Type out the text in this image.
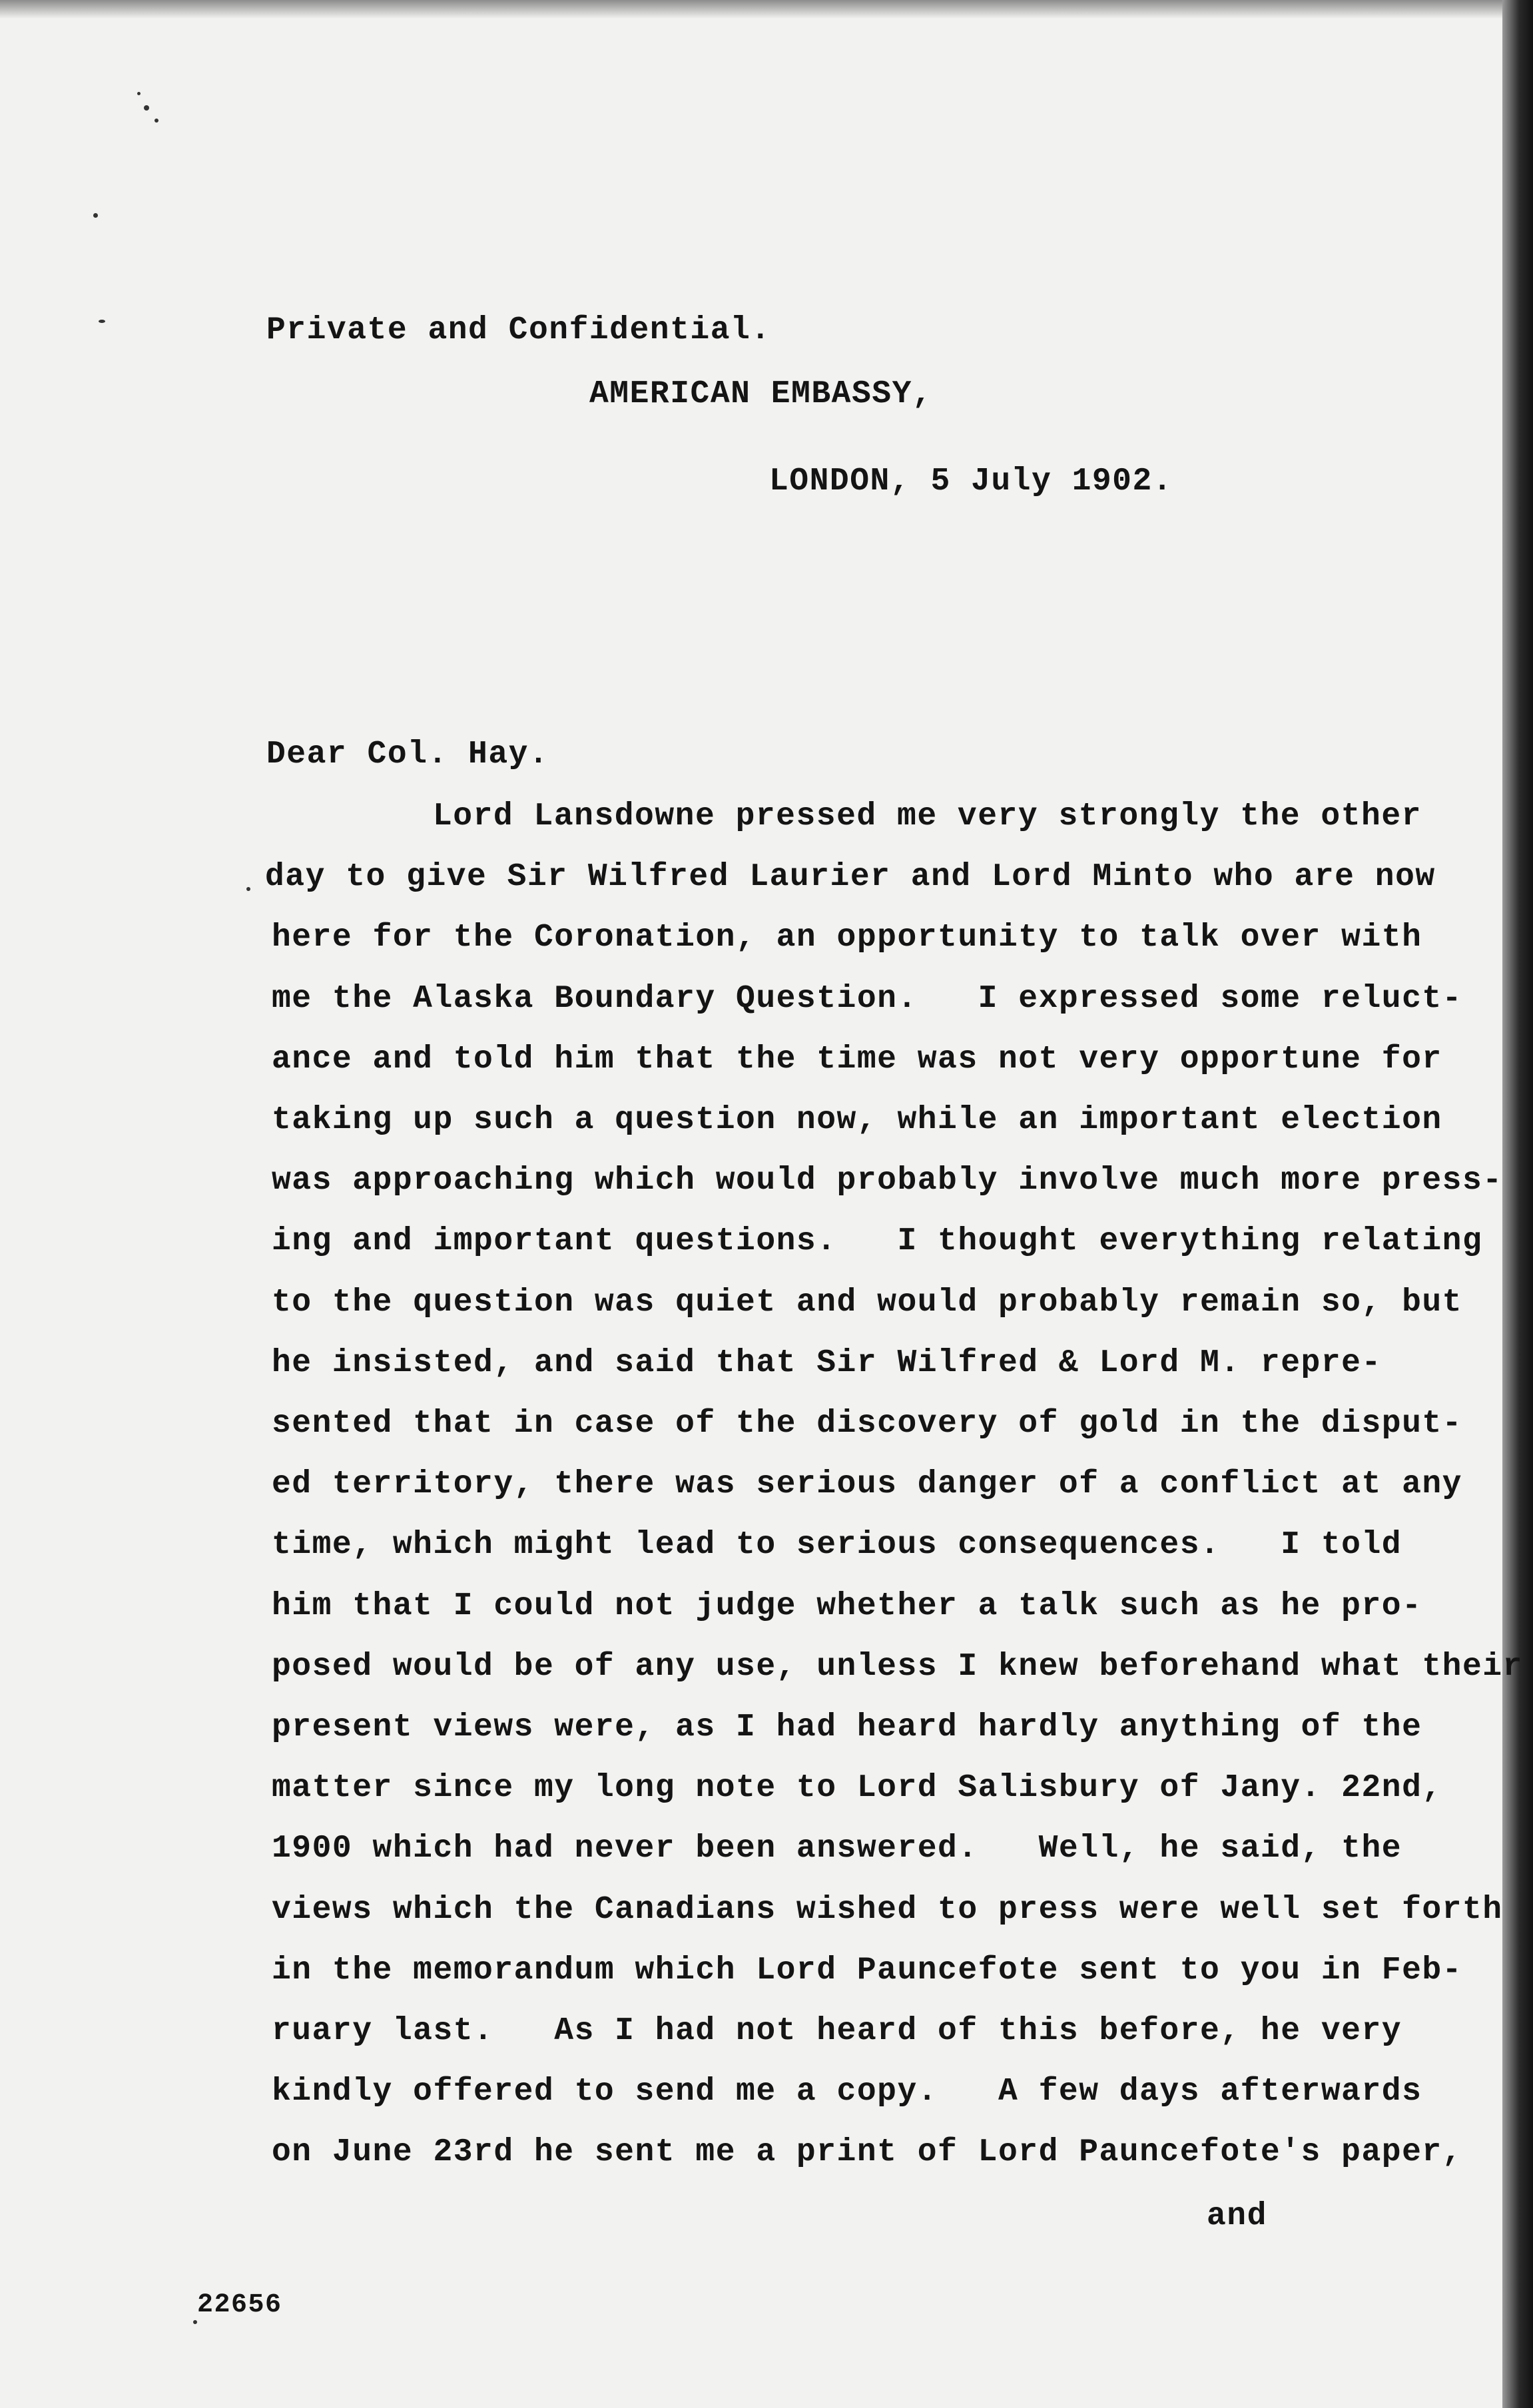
Private and Confidential.
AMERICAN EMBASSY,
LONDON, 5 July 1902.
Dear Col. Hay.
Lord Lansdowne pressed me very strongly the other
day to give Sir Wilfred Laurier and Lord Minto who are now
here for the Coronation, an opportunity to talk over with
me the Alaska Boundary Question.   I expressed some reluct-
ance and told him that the time was not very opportune for
taking up such a question now, while an important election
was approaching which would probably involve much more press-
ing and important questions.   I thought everything relating
to the question was quiet and would probably remain so, but
he insisted, and said that Sir Wilfred & Lord M. repre-
sented that in case of the discovery of gold in the disput-
ed territory, there was serious danger of a conflict at any
time, which might lead to serious consequences.   I told
him that I could not judge whether a talk such as he pro-
posed would be of any use, unless I knew beforehand what their
present views were, as I had heard hardly anything of the
matter since my long note to Lord Salisbury of Jany. 22nd,
1900 which had never been answered.   Well, he said, the
views which the Canadians wished to press were well set forth
in the memorandum which Lord Pauncefote sent to you in Feb-
ruary last.   As I had not heard of this before, he very
kindly offered to send me a copy.   A few days afterwards
on June 23rd he sent me a print of Lord Pauncefote's paper,
and
22656
